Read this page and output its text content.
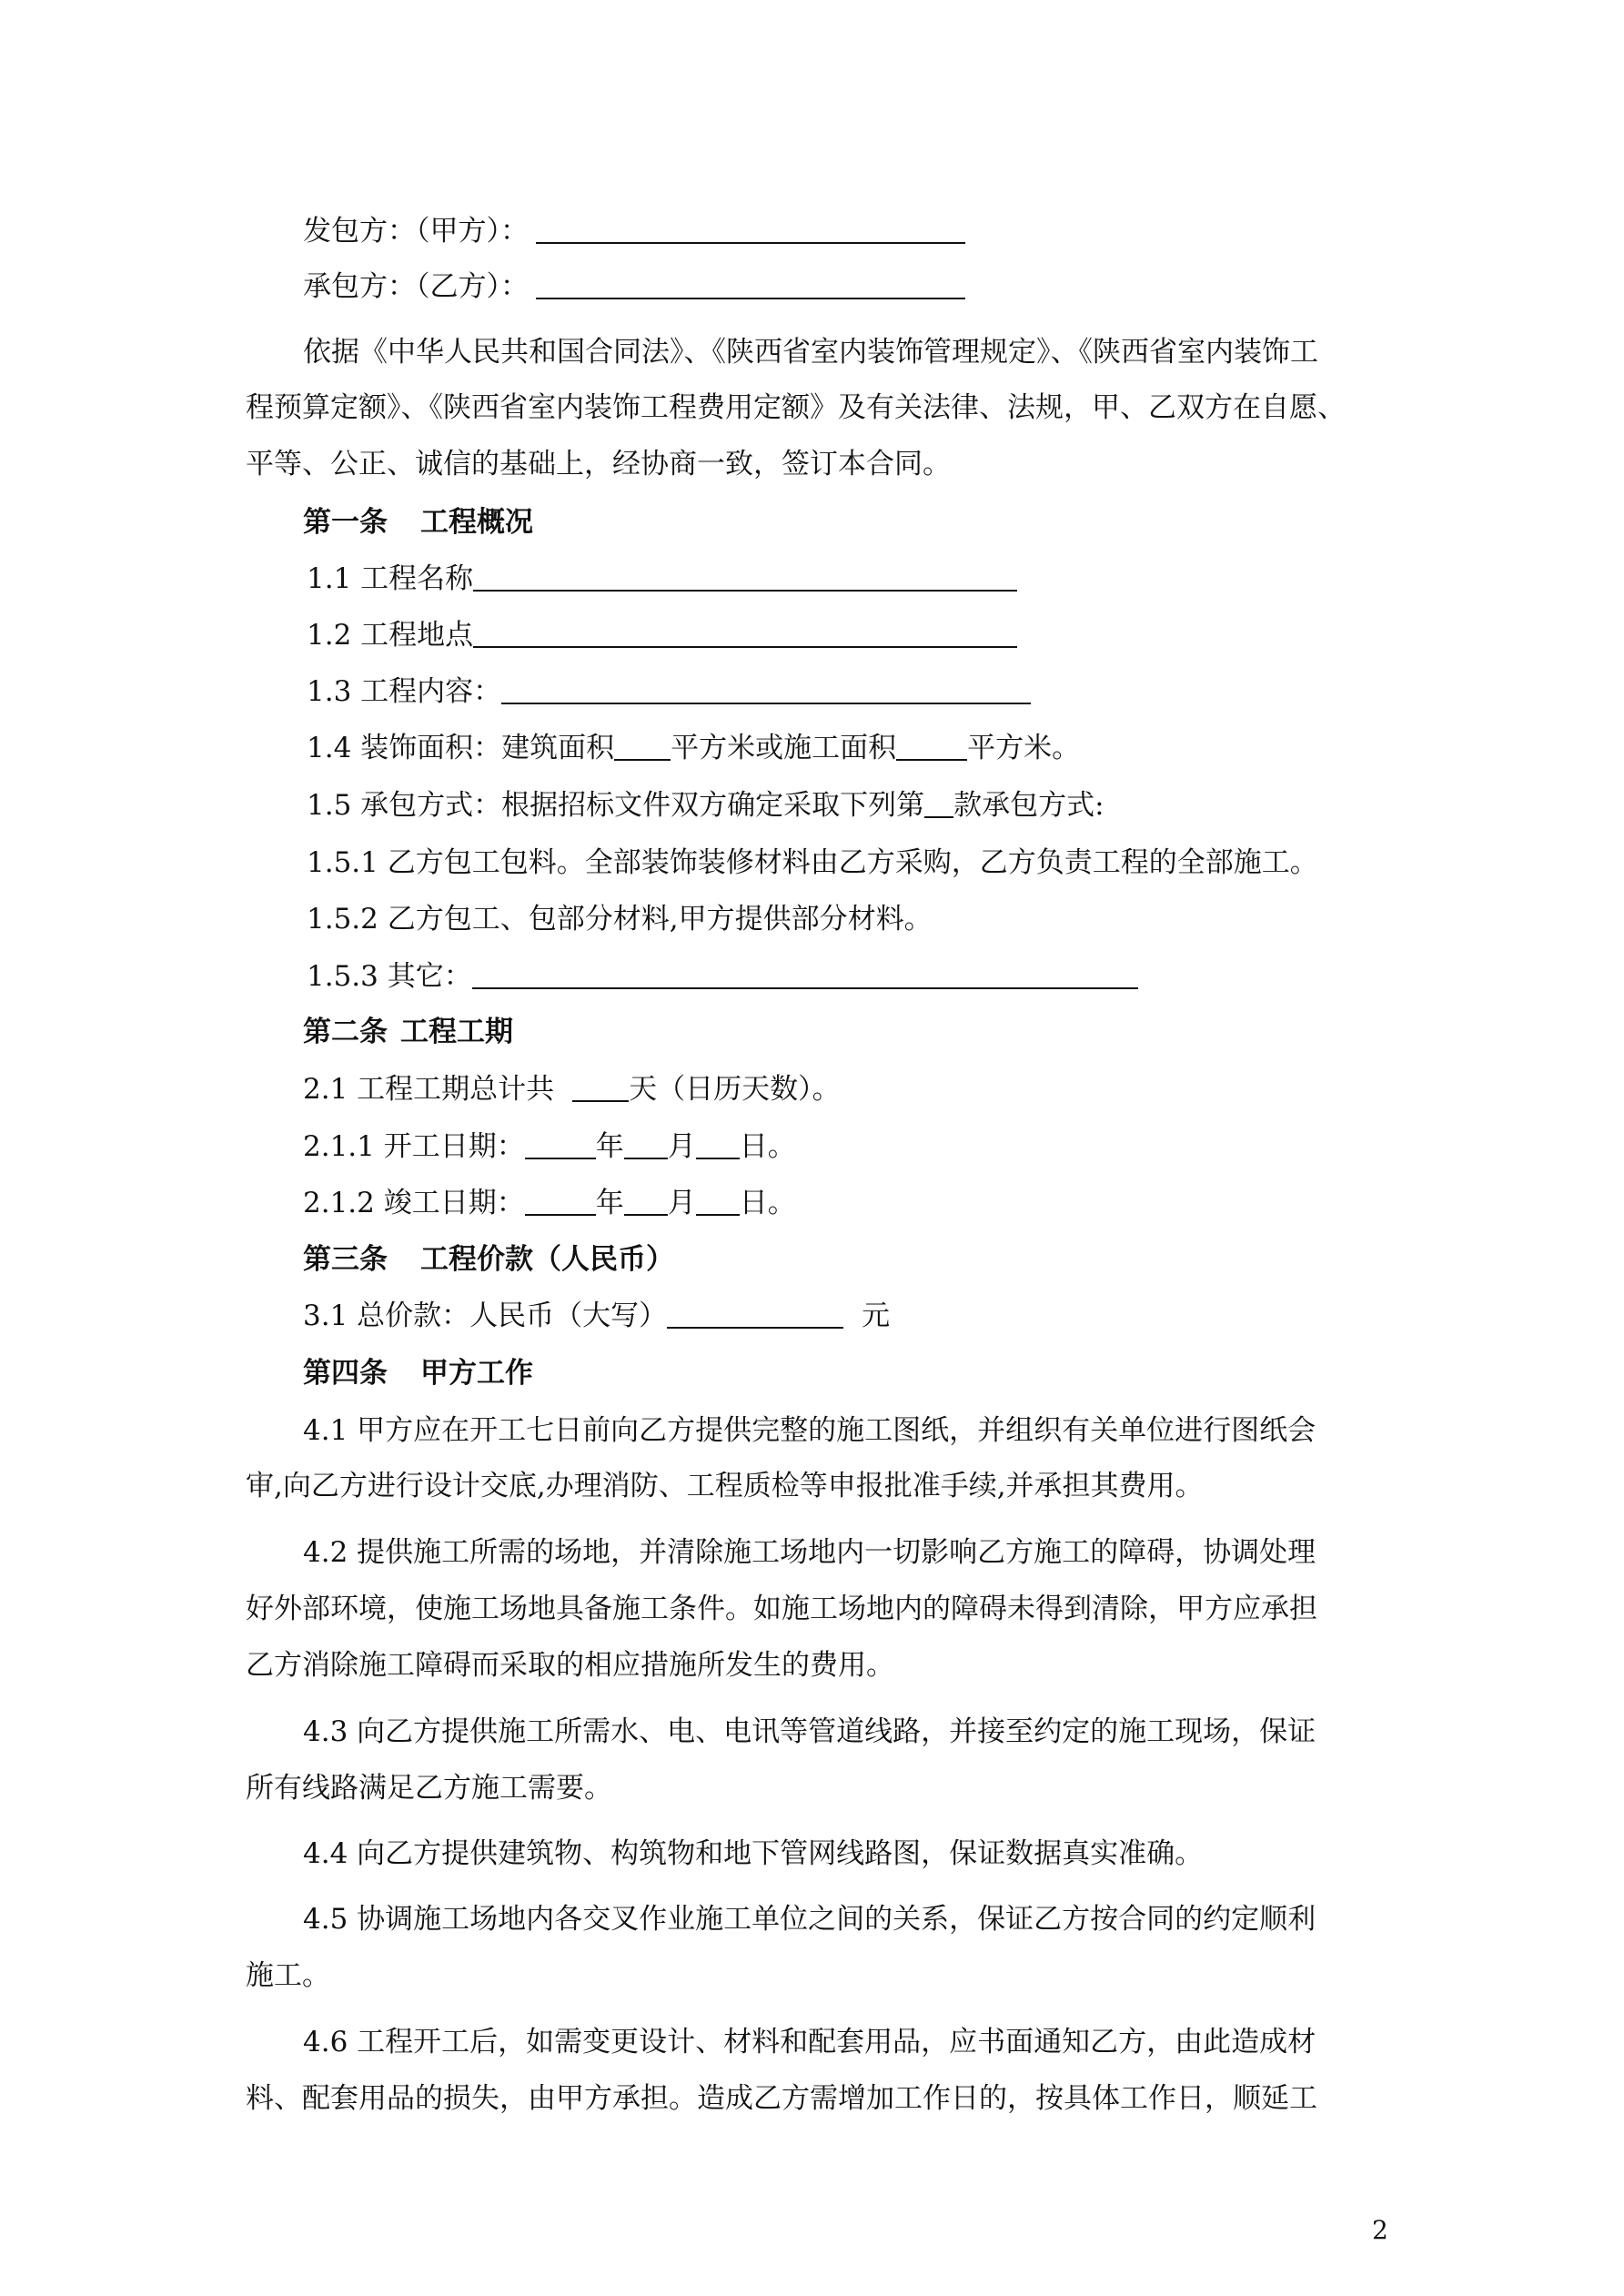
发包方：（甲方）：
承包方：（乙方）：
依据《中华人民共和国合同法》、《陕西省室内装饰管理规定》、《陕西省室内装饰工
程预算定额》、《陕西省室内装饰工程费用定额》及有关法律、法规，甲、乙双方在自愿、
平等、公正、诚信的基础上，经协商一致，签订本合同。
第一条 工程概况
1.1 工程名称
1.2 工程地点
1.3 工程内容：
1.4 装饰面积：建筑面积 平方米或施工面积	平方米。
1.5 承包方式：根据招标文件双方确定采取下列第 款承包方式:
1.5.1 乙方包工包料。全部装饰装修材料由乙方采购，乙方负责工程的全部施工。
1.5.2 乙方包工、包部分材料,甲方提供部分材料。
1.5.3 其它：
第二条 工程工期
2.1 工程工期总计共	天（日历天数）。
2.1.1 开工日期：	年 月 日。
2.1.2 竣工日期：	年 月 日。
第三条 工程价款（人民币）
3.1 总价款：人民币（大写）	元
第四条 甲方工作
4.1 甲方应在开工七日前向乙方提供完整的施工图纸，并组织有关单位进行图纸会
审,向乙方进行设计交底,办理消防、工程质检等申报批准手续,并承担其费用。
4.2 提供施工所需的场地，并清除施工场地内一切影响乙方施工的障碍，协调处理
好外部环境，使施工场地具备施工条件。如施工场地内的障碍未得到清除，甲方应承担
乙方消除施工障碍而采取的相应措施所发生的费用。
4.3 向乙方提供施工所需水、电、电讯等管道线路，并接至约定的施工现场，保证
所有线路满足乙方施工需要。
4.4 向乙方提供建筑物、构筑物和地下管网线路图，保证数据真实准确。
4.5 协调施工场地内各交叉作业施工单位之间的关系，保证乙方按合同的约定顺利
施工。
4.6 工程开工后，如需变更设计、材料和配套用品，应书面通知乙方，由此造成材
料、配套用品的损失，由甲方承担。造成乙方需增加工作日的，按具体工作日，顺延工
2
